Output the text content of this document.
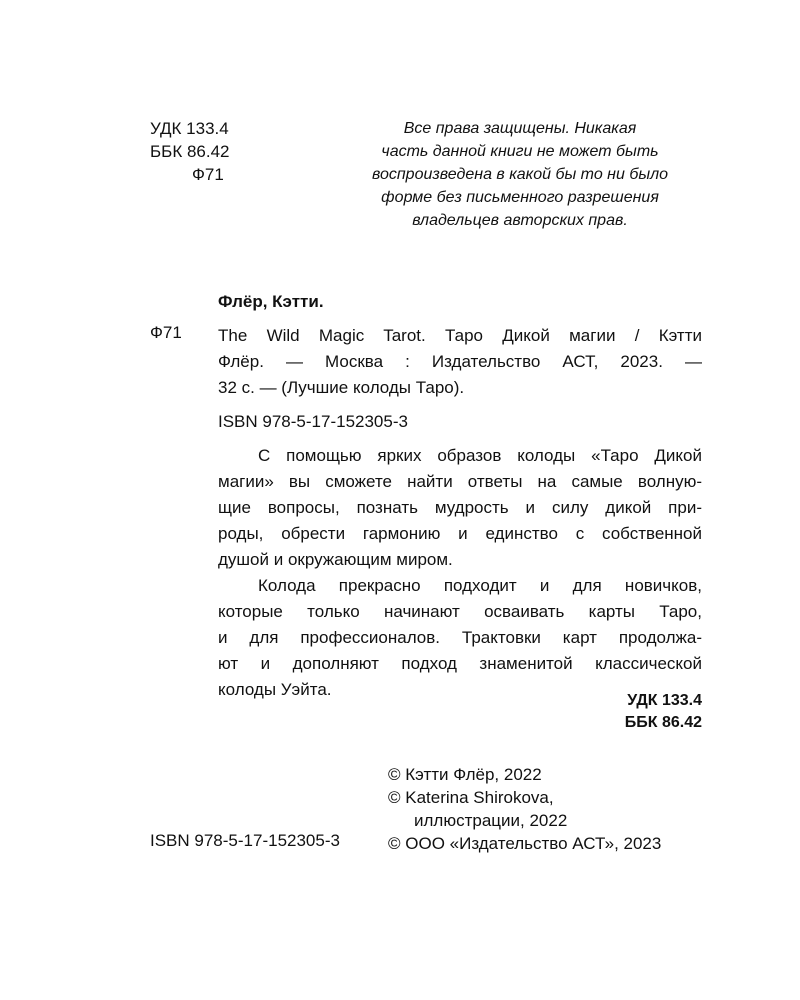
УДК 133.4
ББК 86.42
Ф71
Все права защищены. Никакая
часть данной книги не может быть
воспроизведена в какой бы то ни было
форме без письменного разрешения
владельцев авторских прав.
Флёр, Кэтти.
Ф71 The Wild Magic Tarot. Таро Дикой магии / Кэтти
Флёр. — Москва : Издательство АСТ, 2023. —
32 с. — (Лучшие колоды Таро).
ISBN 978-5-17-152305-3
С помощью ярких образов колоды «Таро Дикой
магии» вы сможете найти ответы на самые волную-
щие вопросы, познать мудрость и силу дикой при-
роды, обрести гармонию и единство с собственной
душой и окружающим миром.
Колода прекрасно подходит и для новичков,
которые только начинают осваивать карты Таро,
и для профессионалов. Трактовки карт продолжа-
ют и дополняют подход знаменитой классической
колоды Уэйта.
УДК 133.4
ББК 86.42
© Кэтти Флёр, 2022
© Katerina Shirokova,
иллюстрации, 2022
© ООО «Издательство АСТ», 2023
ISBN 978-5-17-152305-3
